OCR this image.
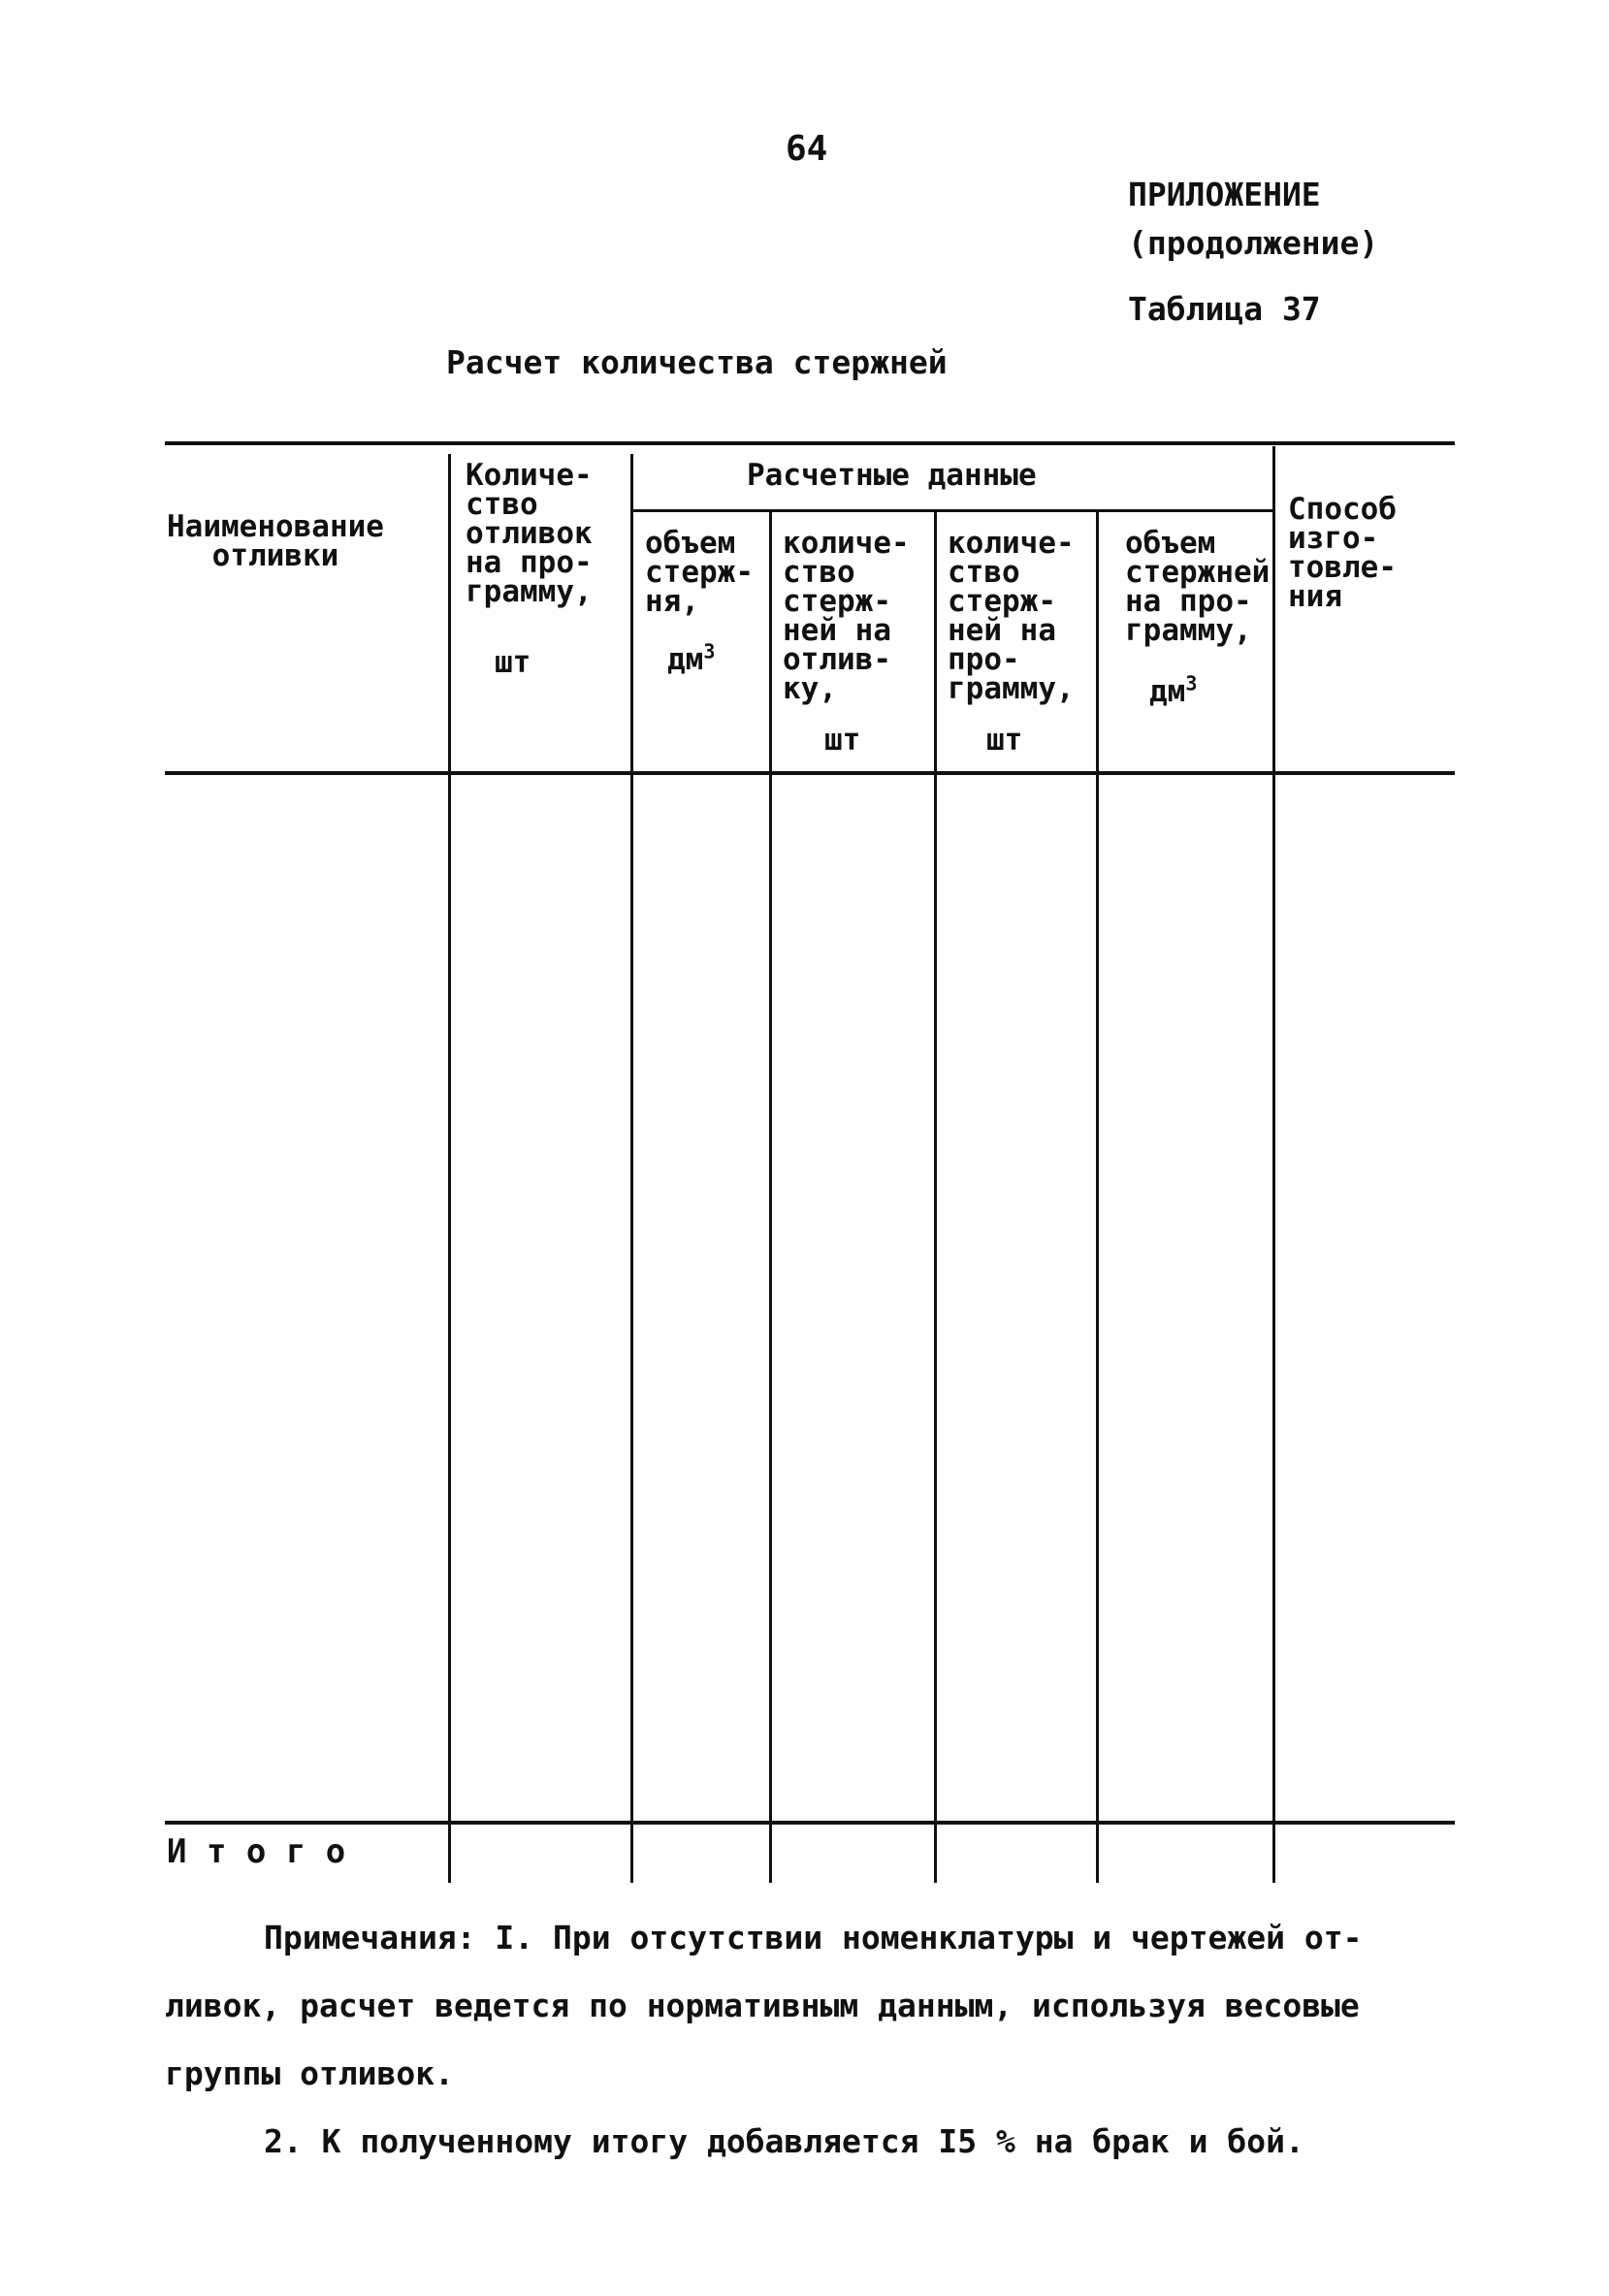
64
ПРИЛОЖЕНИЕ
(продолжение)
Таблица 37
Расчет количества стержней
Наименование
отливки
Количе-
ство
отливок
на про-
грамму,
шт
Расчетные данные
объем
стерж-
ня,
$дм^3$
количе-
ство
стерж-
ней на
отлив-
ку,
шт
количе-
ство
стерж-
ней на
про-
грамму,
шт
объем
стержней
на про-
грамму,
$дм^3$
Способ
изго-
товле-
ния
И т о г о
Примечания: I. При отсутствии номенклатуры и чертежей от-
ливок, расчет ведется по нормативным данным, используя весовые
группы отливок.
2. К полученному итогу добавляется I5 % на брак и бой.
